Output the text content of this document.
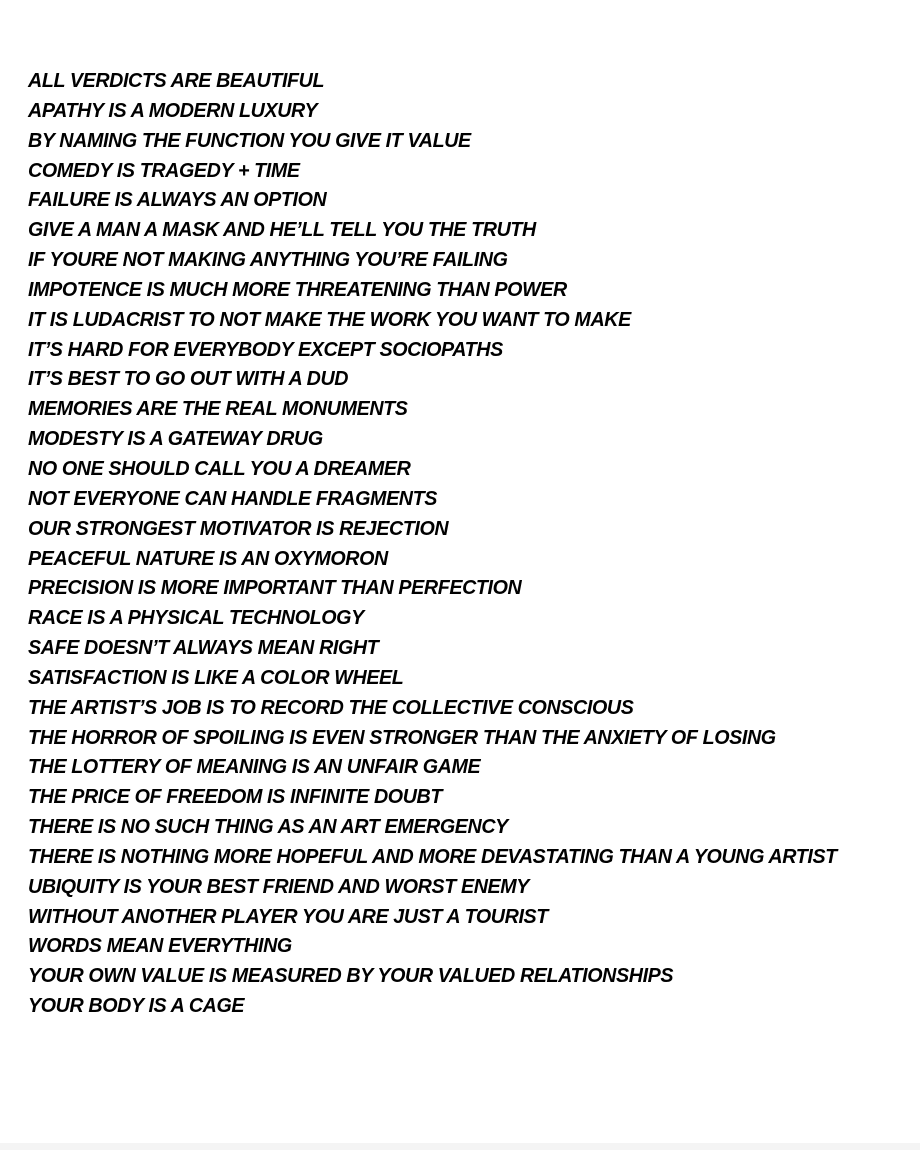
ALL VERDICTS ARE BEAUTIFUL
APATHY IS A MODERN LUXURY
BY NAMING THE FUNCTION YOU GIVE IT VALUE
COMEDY IS TRAGEDY + TIME
FAILURE IS ALWAYS AN OPTION
GIVE A MAN A MASK AND HE’LL TELL YOU THE TRUTH
IF YOURE NOT MAKING ANYTHING YOU’RE FAILING
IMPOTENCE IS MUCH MORE THREATENING THAN POWER
IT IS LUDACRIST TO NOT MAKE THE WORK YOU WANT TO MAKE
IT’S HARD FOR EVERYBODY EXCEPT SOCIOPATHS
IT’S BEST TO GO OUT WITH A DUD
MEMORIES ARE THE REAL MONUMENTS
MODESTY IS A GATEWAY DRUG
NO ONE SHOULD CALL YOU A DREAMER
NOT EVERYONE CAN HANDLE FRAGMENTS
OUR STRONGEST MOTIVATOR IS REJECTION
PEACEFUL NATURE IS AN OXYMORON
PRECISION IS MORE IMPORTANT THAN PERFECTION
RACE IS A PHYSICAL TECHNOLOGY
SAFE DOESN’T ALWAYS MEAN RIGHT
SATISFACTION IS LIKE A COLOR WHEEL
THE ARTIST’S JOB IS TO RECORD THE COLLECTIVE CONSCIOUS
THE HORROR OF SPOILING IS EVEN STRONGER THAN THE ANXIETY OF LOSING
THE LOTTERY OF MEANING IS AN UNFAIR GAME
THE PRICE OF FREEDOM IS INFINITE DOUBT
THERE IS NO SUCH THING AS AN ART EMERGENCY
THERE IS NOTHING MORE HOPEFUL AND MORE DEVASTATING THAN A YOUNG ARTIST
UBIQUITY IS YOUR BEST FRIEND AND WORST ENEMY
WITHOUT ANOTHER PLAYER YOU ARE JUST A TOURIST
WORDS MEAN EVERYTHING
YOUR OWN VALUE IS MEASURED BY YOUR VALUED RELATIONSHIPS
YOUR BODY IS A CAGE
